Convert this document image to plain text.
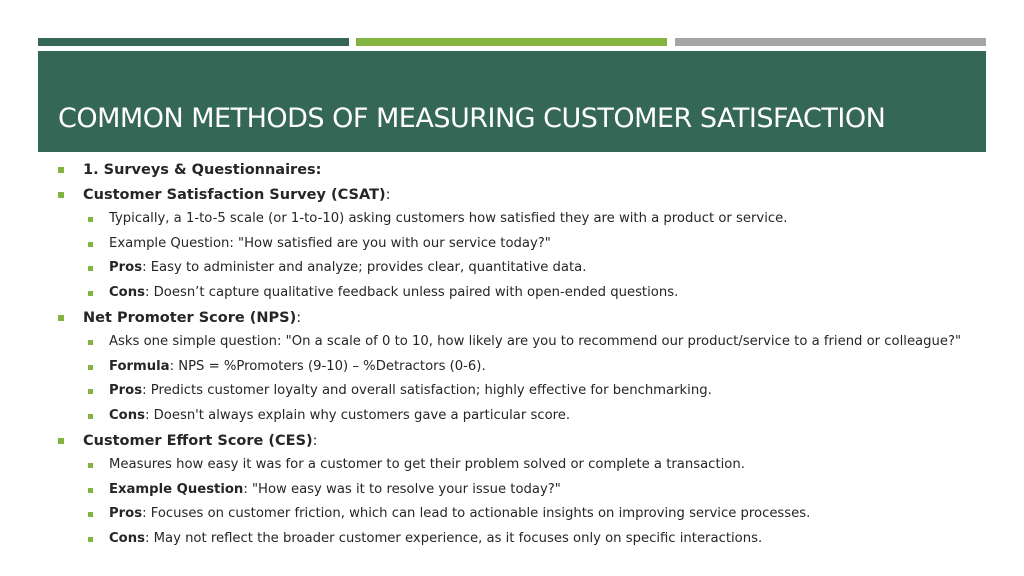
COMMON METHODS OF MEASURING CUSTOMER SATISFACTION
1. Surveys & Questionnaires:
Customer Satisfaction Survey (CSAT):
Typically, a 1-to-5 scale (or 1-to-10) asking customers how satisfied they are with a product or service.
Example Question: "How satisfied are you with our service today?"
Pros: Easy to administer and analyze; provides clear, quantitative data.
Cons: Doesn’t capture qualitative feedback unless paired with open-ended questions.
Net Promoter Score (NPS):
Asks one simple question: "On a scale of 0 to 10, how likely are you to recommend our product/service to a friend or colleague?"
Formula: NPS = %Promoters (9-10) – %Detractors (0-6).
Pros: Predicts customer loyalty and overall satisfaction; highly effective for benchmarking.
Cons: Doesn't always explain why customers gave a particular score.
Customer Effort Score (CES):
Measures how easy it was for a customer to get their problem solved or complete a transaction.
Example Question: "How easy was it to resolve your issue today?"
Pros: Focuses on customer friction, which can lead to actionable insights on improving service processes.
Cons: May not reflect the broader customer experience, as it focuses only on specific interactions.
